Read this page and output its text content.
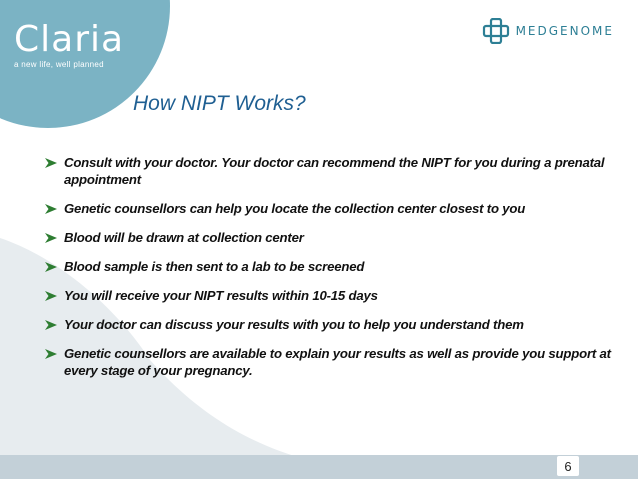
Claria
a new life, well planned
MEDGENOME
How NIPT Works?
Consult with your doctor. Your doctor can recommend the NIPT for you during a prenatal appointment
Genetic counsellors can help you locate the collection center closest to you
Blood will be drawn at collection center
Blood sample is then sent to a lab to be screened
You will receive your NIPT results within 10-15 days
Your doctor can discuss your results with you to help you understand them
Genetic counsellors are available to explain your results as well as provide you support at every stage of your pregnancy.
6
